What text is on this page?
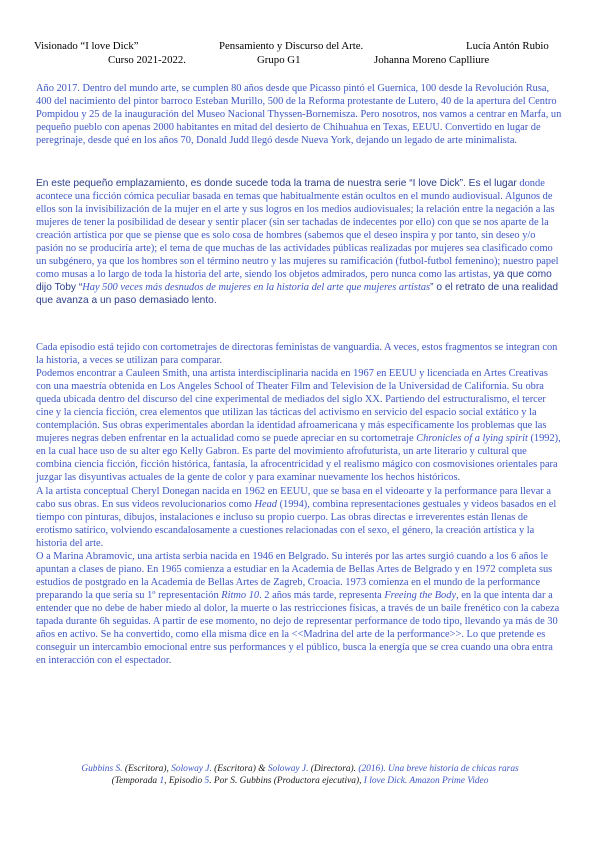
Visionado “I love Dick”	Pensamiento y Discurso del Arte.	Lucía Antón Rubio
Curso 2021-2022.	Grupo G1	Johanna Moreno Caplliure

Año 2017. Dentro del mundo arte, se cumplen 80 años desde que Picasso pintó el Guernica, 100 desde la Revolución Rusa, 400 del nacimiento del pintor barroco Esteban Murillo, 500 de la Reforma protestante de Lutero, 40 de la apertura del Centro Pompidou y 25 de la inauguración del Museo Nacional Thyssen-Bornemisza. Pero nosotros, nos vamos a centrar en Marfa, un pequeño pueblo con apenas 2000 habitantes en mitad del desierto de Chihuahua en Texas, EEUU. Convertido en lugar de peregrinaje, desde qué en los años 70, Donald Judd llegó desde Nueva York, dejando un legado de arte minimalista.

En este pequeño emplazamiento, es donde sucede toda la trama de nuestra serie “I love Dick”. Es el lugar donde acontece una ficción cómica peculiar basada en temas que habitualmente están ocultos en el mundo audiovisual. Algunos de ellos son la invisibilización de la mujer en el arte y sus logros en los medios audiovisuales; la relación entre la negación a las mujeres de tener la posibilidad de desear y sentir placer (sin ser tachadas de indecentes por ello) con que se nos aparte de la creación artística por que se piense que es solo cosa de hombres (sabemos que el deseo inspira y por tanto, sin deseo y/o pasión no se produciría arte); el tema de que muchas de las actividades públicas realizadas por mujeres sea clasificado como un subgénero, ya que los hombres son el término neutro y las mujeres su ramificación (futbol-futbol femenino); nuestro papel como musas a lo largo de toda la historia del arte, siendo los objetos admirados, pero nunca como las artistas, ya que como dijo Toby “Hay 500 veces más desnudos de mujeres en la historia del arte que mujeres artistas” o el retrato de una realidad que avanza a un paso demasiado lento.

Cada episodio está tejido con cortometrajes de directoras feministas de vanguardia. A veces, estos fragmentos se integran con la historia, a veces se utilizan para comparar.

Podemos encontrar a Cauleen Smith, una artista interdisciplinaria nacida en 1967 en EEUU y licenciada en Artes Creativas con una maestría obtenida en Los Angeles School of Theater Film and Television de la Universidad de California. Su obra queda ubicada dentro del discurso del cine experimental de mediados del siglo XX. Partiendo del estructuralismo, el tercer cine y la ciencia ficción, crea elementos que utilizan las tácticas del activismo en servicio del espacio social extático y la contemplación. Sus obras experimentales abordan la identidad afroamericana y más específicamente los problemas que las mujeres negras deben enfrentar en la actualidad como se puede apreciar en su cortometraje Chronicles of a lying spirit (1992), en la cual hace uso de su alter ego Kelly Gabron. Es parte del movimiento afrofuturista, un arte literario y cultural que combina ciencia ficción, ficción histórica, fantasía, la afrocentricidad y el realismo mágico con cosmovisiones orientales para juzgar las disyuntivas actuales de la gente de color y para examinar nuevamente los hechos históricos.

A la artista conceptual Cheryl Donegan nacida en 1962 en EEUU, que se basa en el videoarte y la performance para llevar a cabo sus obras. En sus videos revolucionarios como Head (1994), combina representaciones gestuales y videos basados en el tiempo con pinturas, dibujos, instalaciones e incluso su propio cuerpo. Las obras directas e irreverentes están llenas de erotismo satírico, volviendo escandalosamente a cuestiones relacionadas con el sexo, el género, la creación artística y la historia del arte.

O a Marina Abramovic, una artista serbia nacida en 1946 en Belgrado. Su interés por las artes surgió cuando a los 6 años le apuntan a clases de piano. En 1965 comienza a estudiar en la Academia de Bellas Artes de Belgrado y en 1972 completa sus estudios de postgrado en la Academia de Bellas Artes de Zagreb, Croacia. 1973 comienza en el mundo de la performance preparando la que sería su 1º representación Ritmo 10. 2 años más tarde, representa Freeing the Body, en la que intenta dar a entender que no debe de haber miedo al dolor, la muerte o las restricciones físicas, a través de un baile frenético con la cabeza tapada durante 6h seguidas. A partir de ese momento, no dejo de representar performance de todo tipo, llevando ya más de 30 años en activo. Se ha convertido, como ella misma dice en la <<Madrina del arte de la performance>>. Lo que pretende es conseguir un intercambio emocional entre sus performances y el público, busca la energía que se crea cuando una obra entra en interacción con el espectador.

Gubbins S. (Escritora), Soloway J. (Escritora) & Soloway J. (Directora). (2016). Una breve historia de chicas raras (Temporada 1, Episodio 5. Por S. Gubbins (Productora ejecutiva), I love Dick. Amazon Prime Video
